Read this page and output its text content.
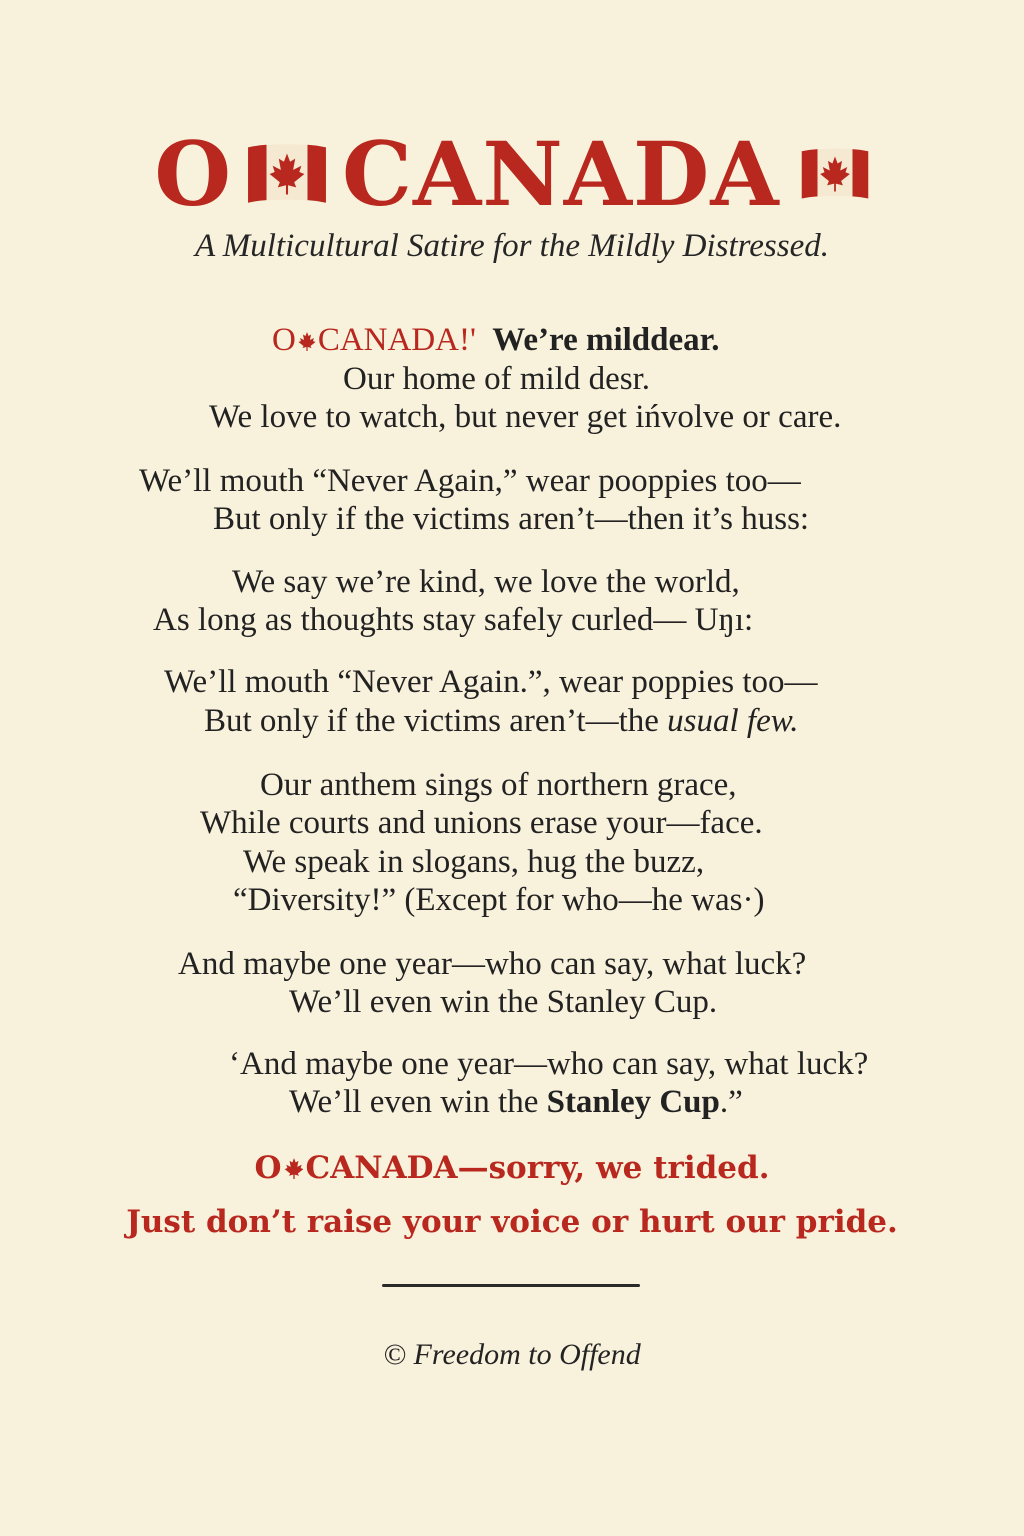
O CANADA
A Multicultural Satire for the Mildly Distressed.
O CANADA!' We’re milddear.
Our home of mild desr.
We love to watch, but never get ińvolve or care.
We’ll mouth “Never Again,” wear pooppies too—
But only if the victims aren’t—then it’s huss:
We say we’re kind, we love the world,
As long as thoughts stay safely curled— Uŋı:
We’ll mouth “Never Again.”, wear poppies too—
But only if the victims aren’t—the usual few.
Our anthem sings of northern grace,
While courts and unions erase your—face.
We speak in slogans, hug the buzz,
“Diversity!” (Except for who—he was·)
And maybe one year—who can say, what luck?
We’ll even win the Stanley Cup.
‘And maybe one year—who can say, what luck?
We’ll even win the Stanley Cup.”
O CANADA—sorry, we trided.
Just don’t raise your voice or hurt our pride.
© Freedom to Offend
